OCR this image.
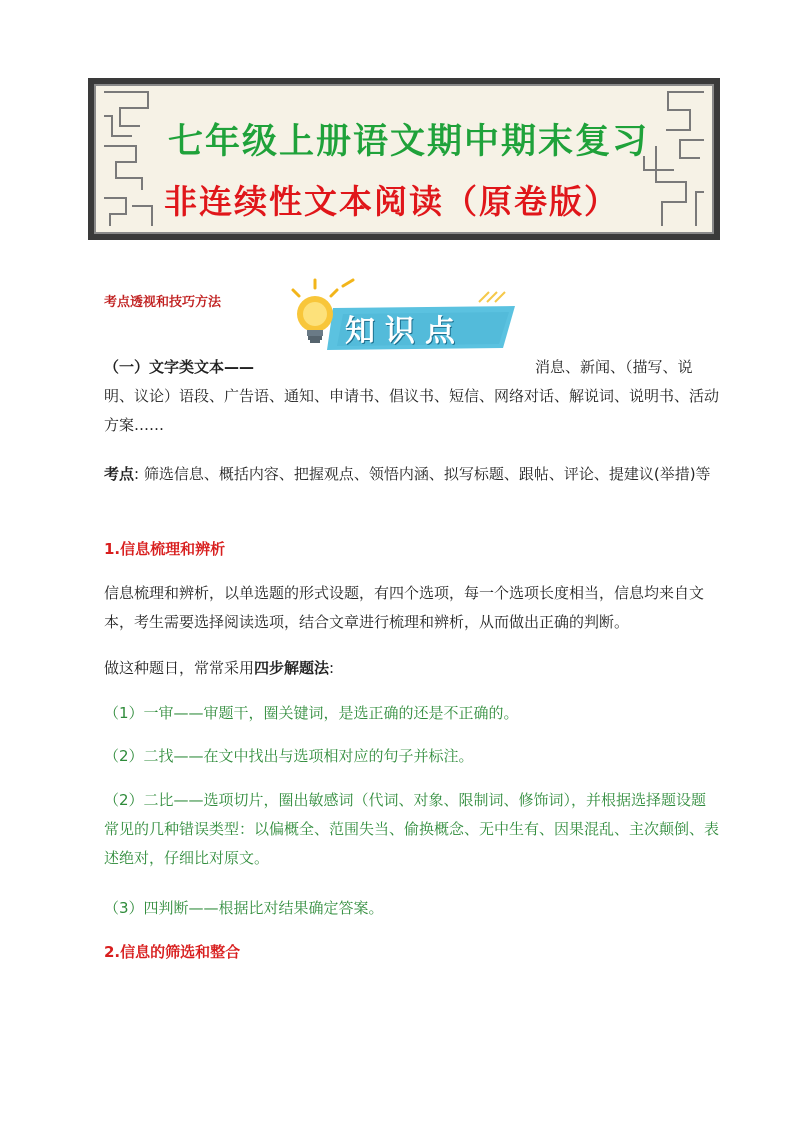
七年级上册语文期中期末复习
非连续性文本阅读（原卷版）
考点透视和技巧方法
知识点
（一）文字类文本——	消息、新闻、（描写、说
明、议论）语段、广告语、通知、申请书、倡议书、短信、网络对话、解说词、说明书、活动方案……
考点: 筛选信息、概括内容、把握观点、领悟内涵、拟写标题、跟帖、评论、提建议(举措)等
1.信息梳理和辨析
信息梳理和辨析，以单选题的形式设题，有四个选项，每一个选项长度相当，信息均来自文本，考生需要选择阅读选项，结合文章进行梳理和辨析，从而做出正确的判断。
做这种题日，常常采用四步解题法:
（1）一审——审题干，圈关键词，是选正确的还是不正确的。
（2）二找——在文中找出与选项相对应的句子并标注。
（2）二比——选项切片，圈出敏感词（代词、对象、限制词、修饰词），并根据选择题设题常见的几种错误类型：以偏概全、范围失当、偷换概念、无中生有、因果混乱、主次颠倒、表述绝对，仔细比对原文。
（3）四判断——根据比对结果确定答案。
2.信息的筛选和整合
